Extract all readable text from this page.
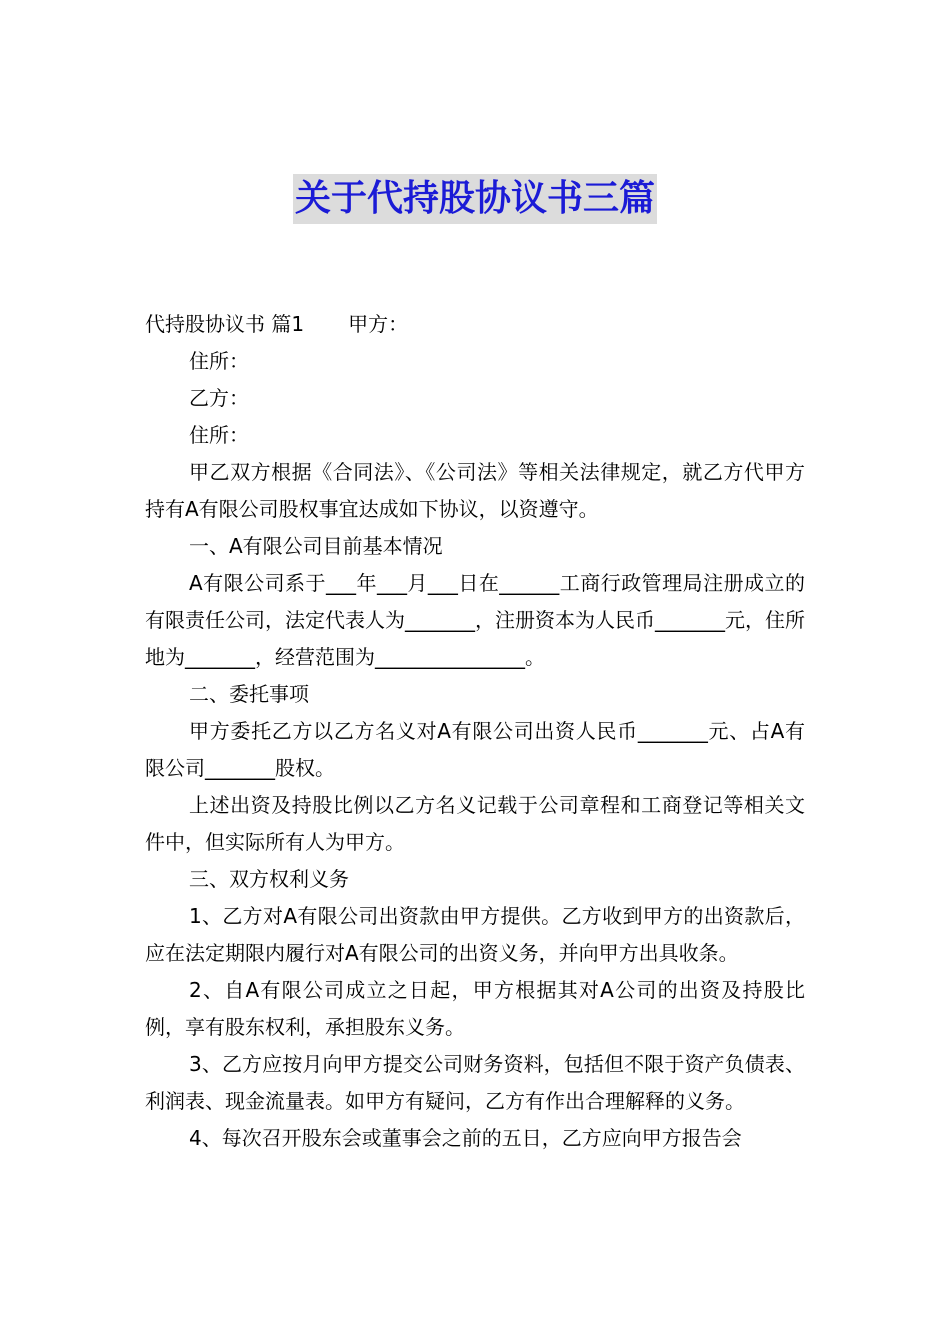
关于代持股协议书三篇

代持股协议书 篇1 甲方：

住所：

乙方：

住所：

甲乙双方根据《合同法》、《公司法》等相关法律规定，就乙方代甲方持有A有限公司股权事宜达成如下协议，以资遵守。

一、A有限公司目前基本情况

A有限公司系于___年___月___日在______工商行政管理局注册成立的有限责任公司，法定代表人为_______，注册资本为人民币_______元，住所地为_______，经营范围为_______________。

二、委托事项

甲方委托乙方以乙方名义对A有限公司出资人民币_______元、占A有限公司_______股权。

上述出资及持股比例以乙方名义记载于公司章程和工商登记等相关文件中，但实际所有人为甲方。

三、双方权利义务

1、乙方对A有限公司出资款由甲方提供。乙方收到甲方的出资款后，应在法定期限内履行对A有限公司的出资义务，并向甲方出具收条。

2、自A有限公司成立之日起，甲方根据其对A公司的出资及持股比例，享有股东权利，承担股东义务。

3、乙方应按月向甲方提交公司财务资料，包括但不限于资产负债表、利润表、现金流量表。如甲方有疑问，乙方有作出合理解释的义务。

4、每次召开股东会或董事会之前的五日，乙方应向甲方报告会
